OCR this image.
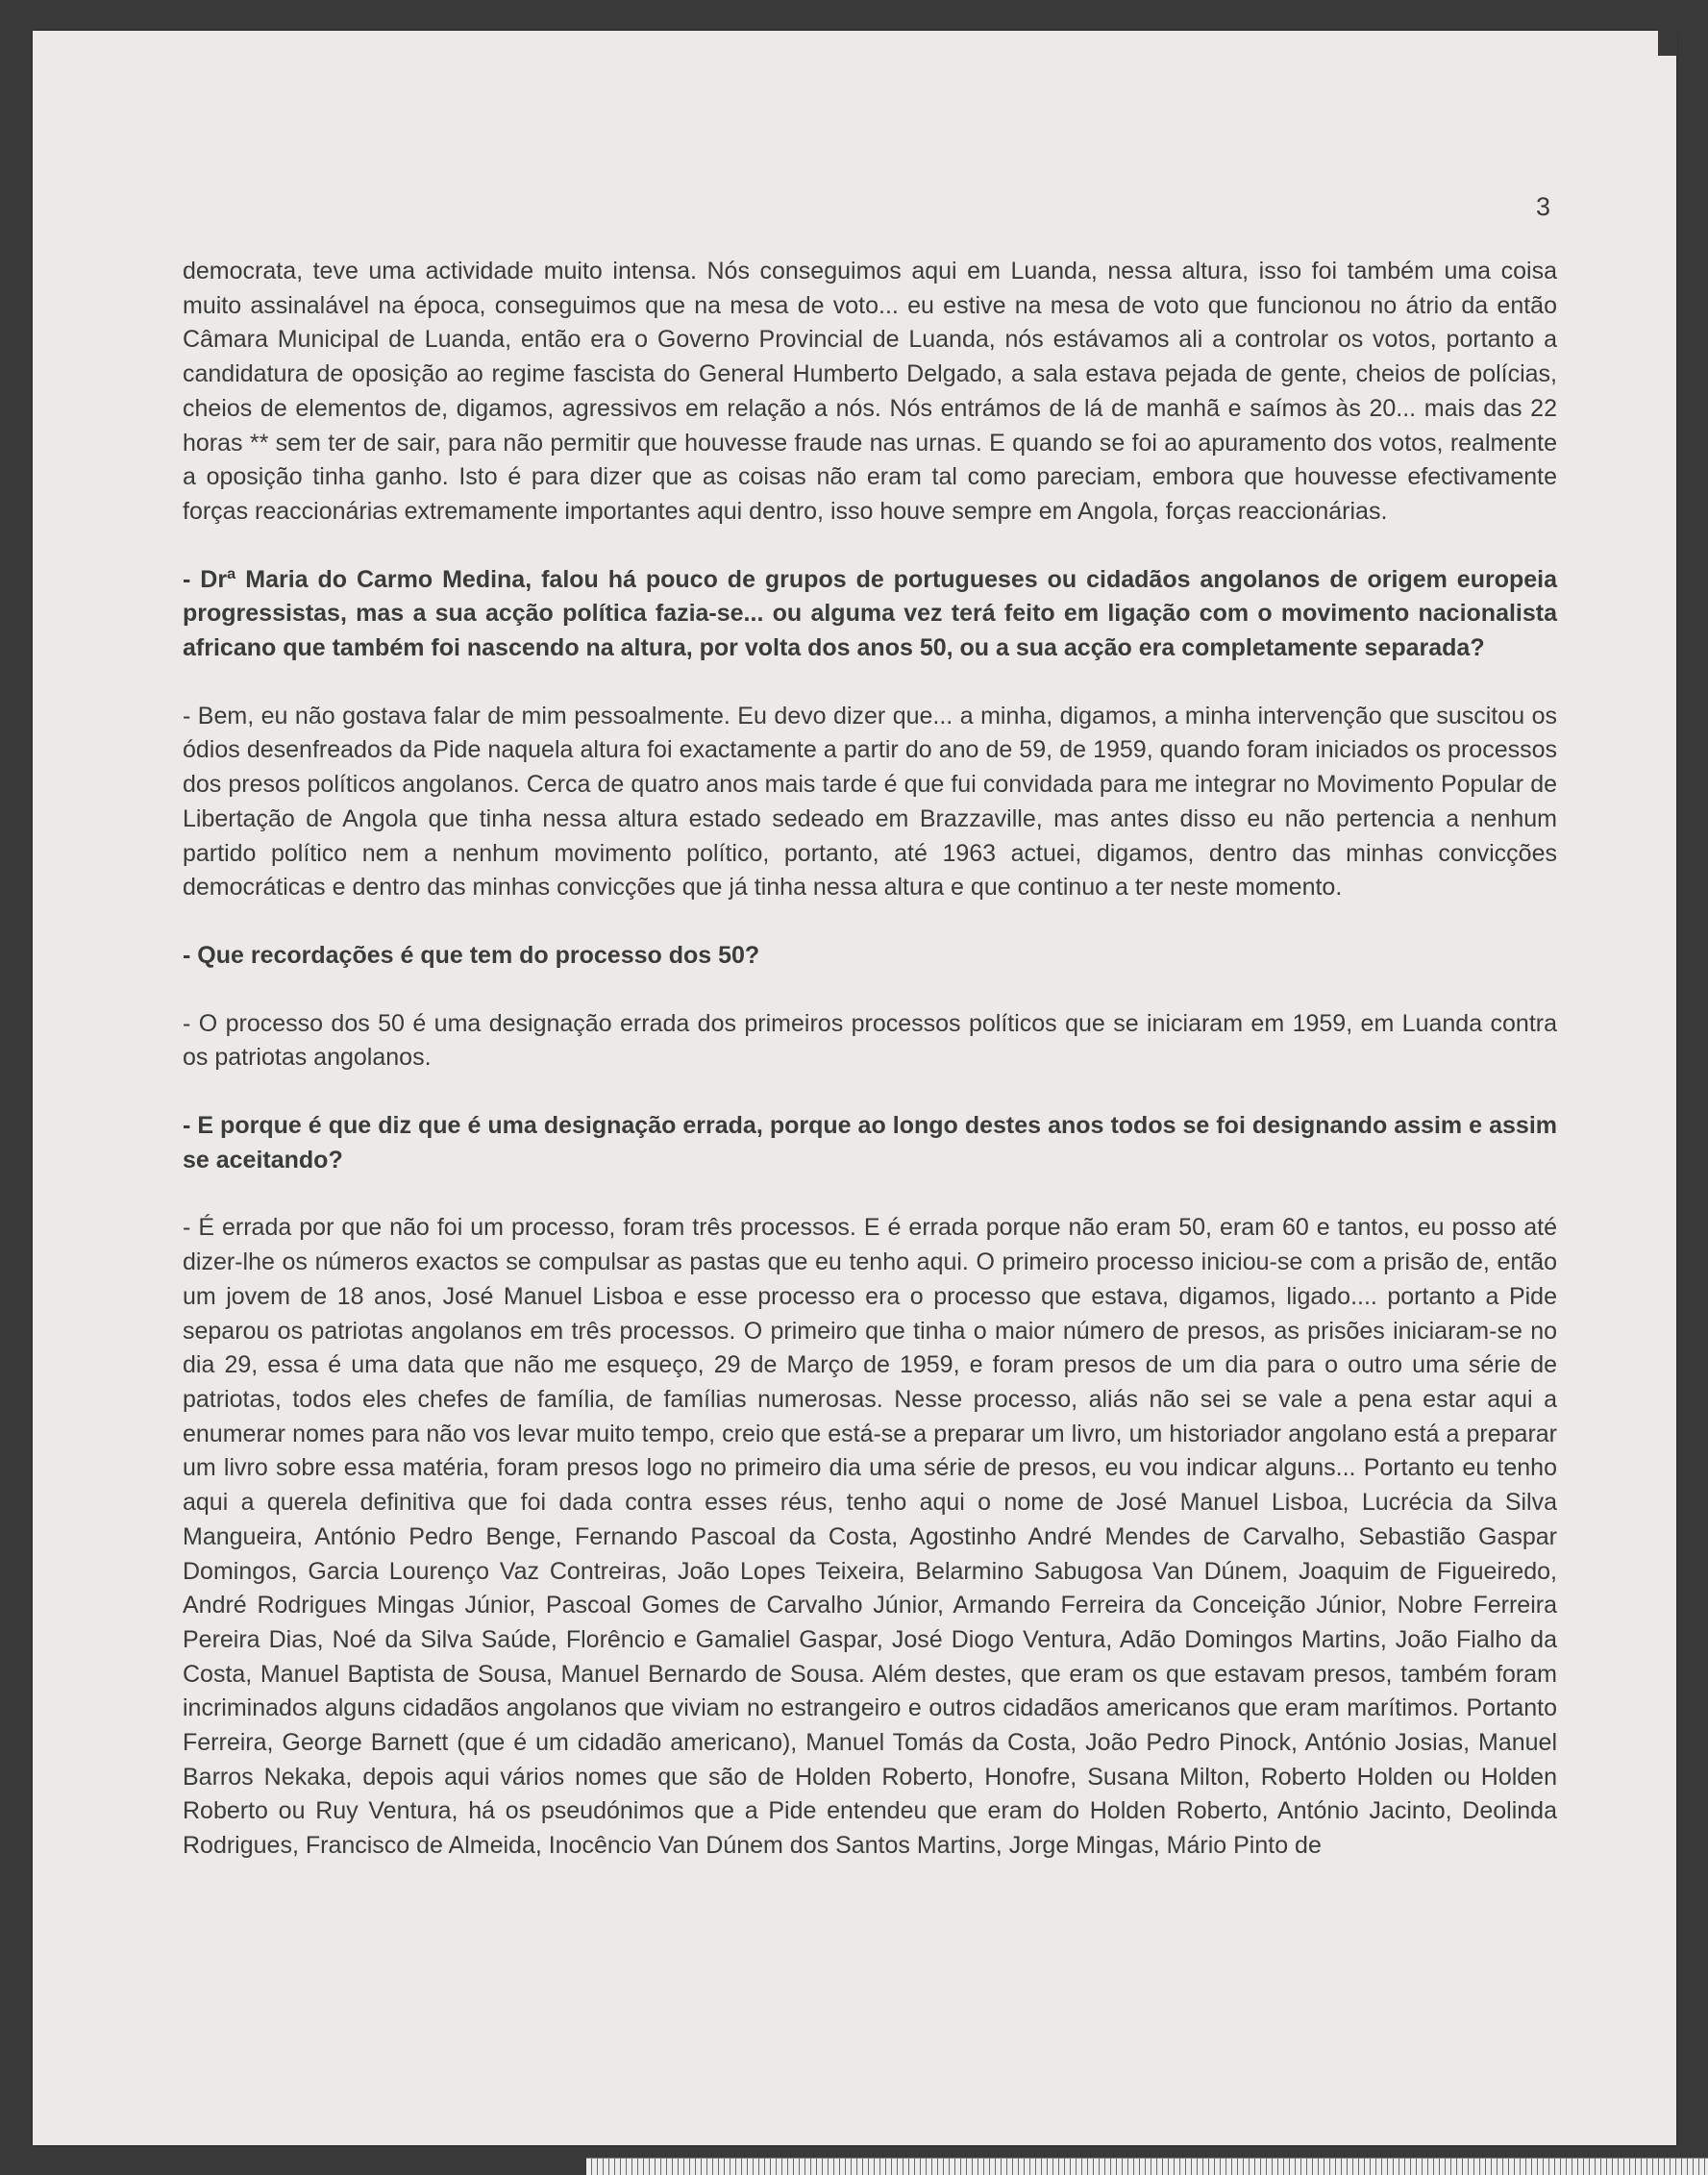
3

democrata, teve uma actividade muito intensa. Nós conseguimos aqui em Luanda, nessa altura, isso foi também uma coisa muito assinalável na época, conseguimos que na mesa de voto... eu estive na mesa de voto que funcionou no átrio da então Câmara Municipal de Luanda, então era o Governo Provincial de Luanda, nós estávamos ali a controlar os votos, portanto a candidatura de oposição ao regime fascista do General Humberto Delgado, a sala estava pejada de gente, cheios de polícias, cheios de elementos de, digamos, agressivos em relação a nós. Nós entrámos de lá de manhã e saímos às 20... mais das 22 horas ** sem ter de sair, para não permitir que houvesse fraude nas urnas. E quando se foi ao apuramento dos votos, realmente a oposição tinha ganho. Isto é para dizer que as coisas não eram tal como pareciam, embora que houvesse efectivamente forças reaccionárias extremamente importantes aqui dentro, isso houve sempre em Angola, forças reaccionárias.

- Drª Maria do Carmo Medina, falou há pouco de grupos de portugueses ou cidadãos angolanos de origem europeia progressistas, mas a sua acção política fazia-se... ou alguma vez terá feito em ligação com o movimento nacionalista africano que também foi nascendo na altura, por volta dos anos 50, ou a sua acção era completamente separada?

- Bem, eu não gostava falar de mim pessoalmente. Eu devo dizer que... a minha, digamos, a minha intervenção que suscitou os ódios desenfreados da Pide naquela altura foi exactamente a partir do ano de 59, de 1959, quando foram iniciados os processos dos presos políticos angolanos. Cerca de quatro anos mais tarde é que fui convidada para me integrar no Movimento Popular de Libertação de Angola que tinha nessa altura estado sedeado em Brazzaville, mas antes disso eu não pertencia a nenhum partido político nem a nenhum movimento político, portanto, até 1963 actuei, digamos, dentro das minhas convicções democráticas e dentro das minhas convicções que já tinha nessa altura e que continuo a ter neste momento.

- Que recordações é que tem do processo dos 50?

- O processo dos 50 é uma designação errada dos primeiros processos políticos que se iniciaram em 1959, em Luanda contra os patriotas angolanos.

- E porque é que diz que é uma designação errada, porque ao longo destes anos todos se foi designando assim e assim se aceitando?

- É errada por que não foi um processo, foram três processos. E é errada porque não eram 50, eram 60 e tantos, eu posso até dizer-lhe os números exactos se compulsar as pastas que eu tenho aqui. O primeiro processo iniciou-se com a prisão de, então um jovem de 18 anos, José Manuel Lisboa e esse processo era o processo que estava, digamos, ligado.... portanto a Pide separou os patriotas angolanos em três processos. O primeiro que tinha o maior número de presos, as prisões iniciaram-se no dia 29, essa é uma data que não me esqueço, 29 de Março de 1959, e foram presos de um dia para o outro uma série de patriotas, todos eles chefes de família, de famílias numerosas. Nesse processo, aliás não sei se vale a pena estar aqui a enumerar nomes para não vos levar muito tempo, creio que está-se a preparar um livro, um historiador angolano está a preparar um livro sobre essa matéria, foram presos logo no primeiro dia uma série de presos, eu vou indicar alguns... Portanto eu tenho aqui a querela definitiva que foi dada contra esses réus, tenho aqui o nome de José Manuel Lisboa, Lucrécia da Silva Mangueira, António Pedro Benge, Fernando Pascoal da Costa, Agostinho André Mendes de Carvalho, Sebastião Gaspar Domingos, Garcia Lourenço Vaz Contreiras, João Lopes Teixeira, Belarmino Sabugosa Van Dúnem, Joaquim de Figueiredo, André Rodrigues Mingas Júnior, Pascoal Gomes de Carvalho Júnior, Armando Ferreira da Conceição Júnior, Nobre Ferreira Pereira Dias, Noé da Silva Saúde, Florêncio e Gamaliel Gaspar, José Diogo Ventura, Adão Domingos Martins, João Fialho da Costa, Manuel Baptista de Sousa, Manuel Bernardo de Sousa. Além destes, que eram os que estavam presos, também foram incriminados alguns cidadãos angolanos que viviam no estrangeiro e outros cidadãos americanos que eram marítimos. Portanto Ferreira, George Barnett (que é um cidadão americano), Manuel Tomás da Costa, João Pedro Pinock, António Josias, Manuel Barros Nekaka, depois aqui vários nomes que são de Holden Roberto, Honofre, Susana Milton, Roberto Holden ou Holden Roberto ou Ruy Ventura, há os pseudónimos que a Pide entendeu que eram do Holden Roberto, António Jacinto, Deolinda Rodrigues, Francisco de Almeida, Inocêncio Van Dúnem dos Santos Martins, Jorge Mingas, Mário Pinto de
